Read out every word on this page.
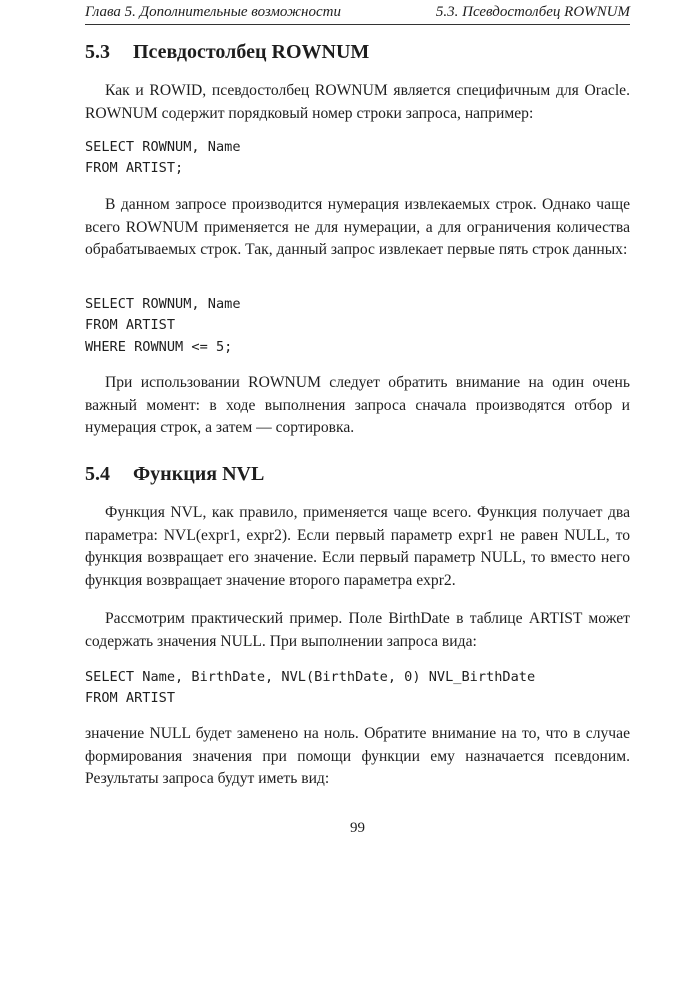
Глава 5. Дополнительные возможности	5.3. Псевдостолбец ROWNUM
5.3 Псевдостолбец ROWNUM

Как и ROWID, псевдостолбец ROWNUM является специфичным для Oracle. ROWNUM содержит порядковый номер строки запроса, например:

SELECT ROWNUM, Name
FROM ARTIST;

В данном запросе производится нумерация извлекаемых строк. Однако чаще всего ROWNUM применяется не для нумерации, а для ограничения количества обрабатываемых строк. Так, данный запрос извлекает первые пять строк данных:

SELECT ROWNUM, Name
FROM ARTIST
WHERE ROWNUM <= 5;

При использовании ROWNUM следует обратить внимание на один очень важный момент: в ходе выполнения запроса сначала производятся отбор и нумерация строк, а затем — сортировка.

5.4 Функция NVL

Функция NVL, как правило, применяется чаще всего. Функция получает два параметра: NVL(expr1, expr2). Если первый параметр expr1 не равен NULL, то функция возвращает его значение. Если первый параметр NULL, то вместо него функция возвращает значение второго параметра expr2.

Рассмотрим практический пример. Поле BirthDate в таблице ARTIST может содержать значения NULL. При выполнении запроса вида:

SELECT Name, BirthDate, NVL(BirthDate, 0) NVL_BirthDate
FROM ARTIST

значение NULL будет заменено на ноль. Обратите внимание на то, что в случае формирования значения при помощи функции ему назначается псевдоним. Результаты запроса будут иметь вид:

99
